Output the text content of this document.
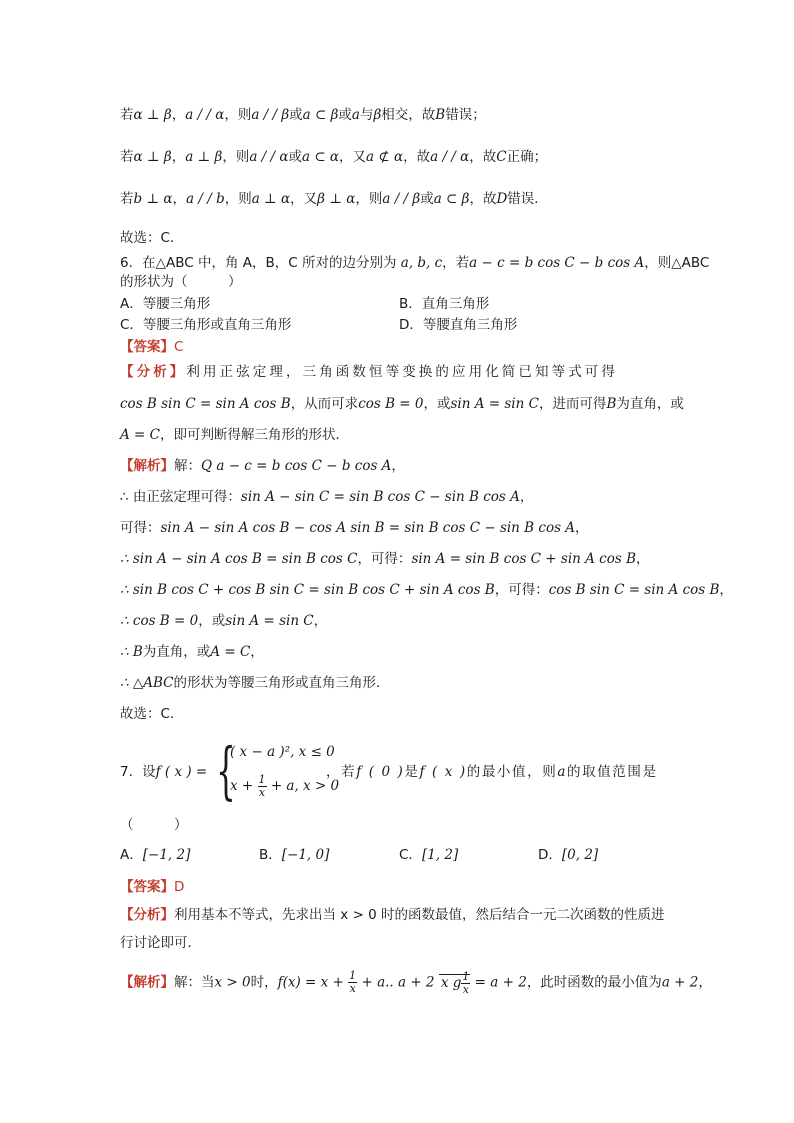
若α ⊥ β，a / / α，则a / / β或a ⊂ β或a与β相交，故B错误；
若α ⊥ β，a ⊥ β，则a / / α或a ⊂ α，又a ⊄ α，故a / / α，故C正确；
若b ⊥ α，a / / b，则a ⊥ α，又β ⊥ α，则a / / β或a ⊂ β，故D错误．
故选：C．
6．在△ABC 中，角 A，B，C 所对的边分别为 a, b, c，若a − c = b cos C − b cos A，则△ABC
的形状为（　　　）
A．等腰三角形	B．直角三角形
C．等腰三角形或直角三角形	D．等腰直角三角形
【答案】C
【分析】利用正弦定理，三角函数恒等变换的应用化简已知等式可得
cos B sin C = sin A cos B，从而可求cos B = 0，或sin A = sin C，进而可得B为直角，或
A = C，即可判断得解三角形的形状．
【解析】解：Q a − c = b cos C − b cos A，
∴ 由正弦定理可得：sin A − sin C = sin B cos C − sin B cos A，
可得：sin A − sin A cos B − cos A sin B = sin B cos C − sin B cos A，
∴ sin A − sin A cos B = sin B cos C，可得：sin A = sin B cos C + sin A cos B，
∴ sin B cos C + cos B sin C = sin B cos C + sin A cos B，可得：cos B sin C = sin A cos B，
∴ cos B = 0，或sin A = sin C，
∴ B为直角，或A = C，
∴ △ABC的形状为等腰三角形或直角三角形．
故选：C．
7．设f ( x ) = {
( x − a )², x ≤ 0
$x + \frac{1}{x} + a$, x > 0
，若f ( 0 )是f ( x )的最小值，则a的取值范围是
（　　　）
A．[−1, 2]	B．[−1, 0]	C．[1, 2]	D．[0, 2]
【答案】D
【分析】利用基本不等式，先求出当 x > 0 时的函数最值，然后结合一元二次函数的性质进
行讨论即可．
【解析】解：当x > 0时，$f(x) = x + \frac{1}{x} + a$.. a + 2 x g $\frac{1}{x} = a + 2$，此时函数的最小值为a + 2，
